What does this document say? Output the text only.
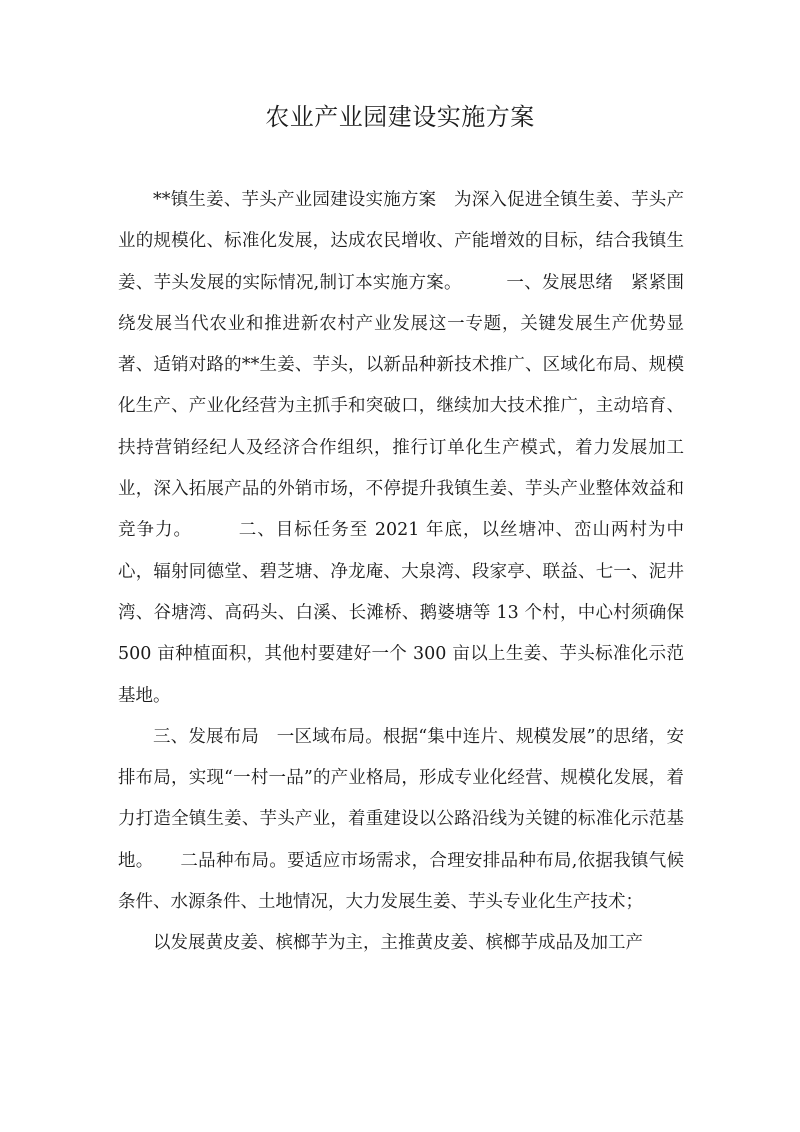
农业产业园建设实施方案

**镇生姜、芋头产业园建设实施方案　为深入促进全镇生姜、芋头产业的规模化、标准化发展，达成农民增收、产能增效的目标，结合我镇生姜、芋头发展的实际情况,制订本实施方案。　　　一、发展思绪　紧紧围绕发展当代农业和推进新农村产业发展这一专题，关键发展生产优势显著、适销对路的**生姜、芋头，以新品种新技术推广、区域化布局、规模化生产、产业化经营为主抓手和突破口，继续加大技术推广，主动培育、扶持营销经纪人及经济合作组织，推行订单化生产模式，着力发展加工业，深入拓展产品的外销市场，不停提升我镇生姜、芋头产业整体效益和竞争力。　　　二、目标任务至 2021 年底，以丝塘冲、峦山两村为中心，辐射同德堂、碧芝塘、净龙庵、大泉湾、段家亭、联益、七一、泥井湾、谷塘湾、高码头、白溪、长滩桥、鹅婆塘等 13 个村，中心村须确保 500 亩种植面积，其他村要建好一个 300 亩以上生姜、芋头标准化示范基地。

三、发展布局　一区域布局。根据“集中连片、规模发展”的思绪，安排布局，实现“一村一品”的产业格局，形成专业化经营、规模化发展，着力打造全镇生姜、芋头产业，着重建设以公路沿线为关键的标准化示范基地。　　二品种布局。要适应市场需求，合理安排品种布局,依据我镇气候条件、水源条件、土地情况，大力发展生姜、芋头专业化生产技术；

以发展黄皮姜、槟榔芋为主，主推黄皮姜、槟榔芋成品及加工产
